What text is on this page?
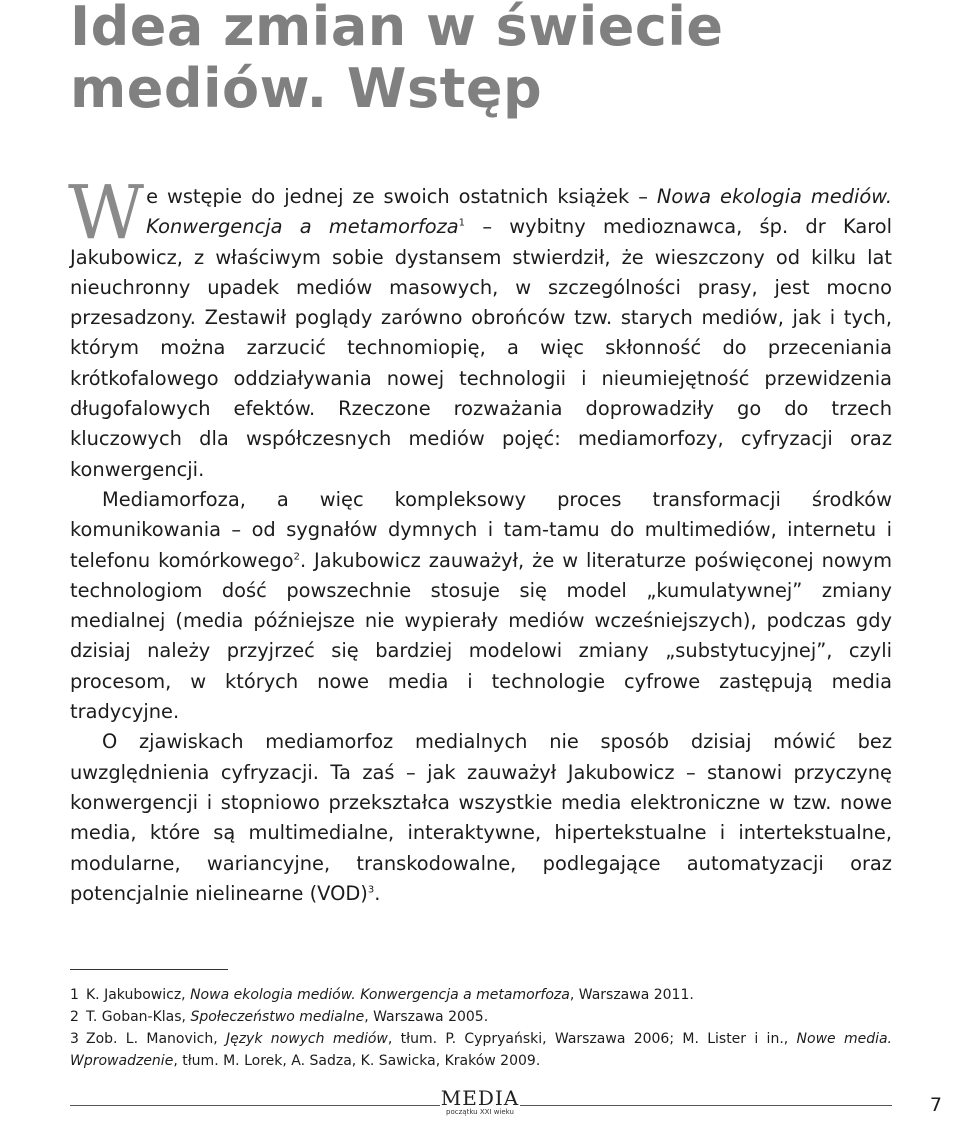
Idea zmian w świecie
mediów. Wstęp

We wstępie do jednej ze swoich ostatnich książek – Nowa ekologia mediów. Konwergencja a metamorfoza$^1$ – wybitny medioznawca, śp. dr Karol Jakubowicz, z właściwym sobie dystansem stwierdził, że wieszczony od kilku lat nieuchronny upadek mediów masowych, w szczególności prasy, jest mocno przesadzony. Zestawił poglądy zarówno obrońców tzw. starych mediów, jak i tych, którym można zarzucić technomiopię, a więc skłonność do przeceniania krótkofalowego oddziaływania nowej technologii i nieumiejętność przewidzenia długofalowych efektów. Rzeczone rozważania doprowadziły go do trzech kluczowych dla współczesnych mediów pojęć: mediamorfozy, cyfryzacji oraz konwergencji.

Mediamorfoza, a więc kompleksowy proces transformacji środków komunikowania – od sygnałów dymnych i tam-tamu do multimediów, internetu i telefonu komórkowego$^2$. Jakubowicz zauważył, że w literaturze poświęconej nowym technologiom dość powszechnie stosuje się model „kumulatywnej” zmiany medialnej (media późniejsze nie wypierały mediów wcześniejszych), podczas gdy dzisiaj należy przyjrzeć się bardziej modelowi zmiany „substytucyjnej”, czyli procesom, w których nowe media i technologie cyfrowe zastępują media tradycyjne.

O zjawiskach mediamorfoz medialnych nie sposób dzisiaj mówić bez uwzględnienia cyfryzacji. Ta zaś – jak zauważył Jakubowicz – stanowi przyczynę konwergencji i stopniowo przekształca wszystkie media elektroniczne w tzw. nowe media, które są multimedialne, interaktywne, hipertekstualne i intertekstualne, modularne, wariancyjne, transkodowalne, podlegające automatyzacji oraz potencjalnie nielinearne (VOD)$^3$.

1 K. Jakubowicz, Nowa ekologia mediów. Konwergencja a metamorfoza, Warszawa 2011.

2 T. Goban-Klas, Społeczeństwo medialne, Warszawa 2005.

3 Zob. L. Manovich, Język nowych mediów, tłum. P. Cypryański, Warszawa 2006; M. Lister i in., Nowe media. Wprowadzenie, tłum. M. Lorek, A. Sadza, K. Sawicka, Kraków 2009.

MEDIA
początku XXI wieku	7
